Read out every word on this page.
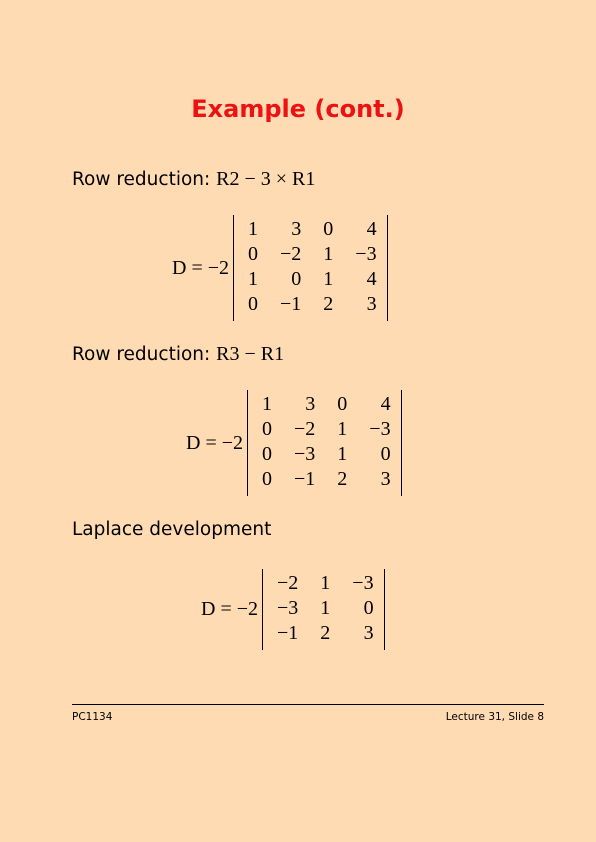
Example (cont.)
Row reduction: R2 − 3 × R1
D = −2
1	3	0	4
0	−2	1	−3
1	0	1	4
0	−1	2	3
Row reduction: R3 − R1
D = −2
1	3	0	4
0	−2	1	−3
0	−3	1	0
0	−1	2	3
Laplace development
D = −2
−2	1	−3
−3	1	0
−1	2	3
PC1134	Lecture 31, Slide 8
